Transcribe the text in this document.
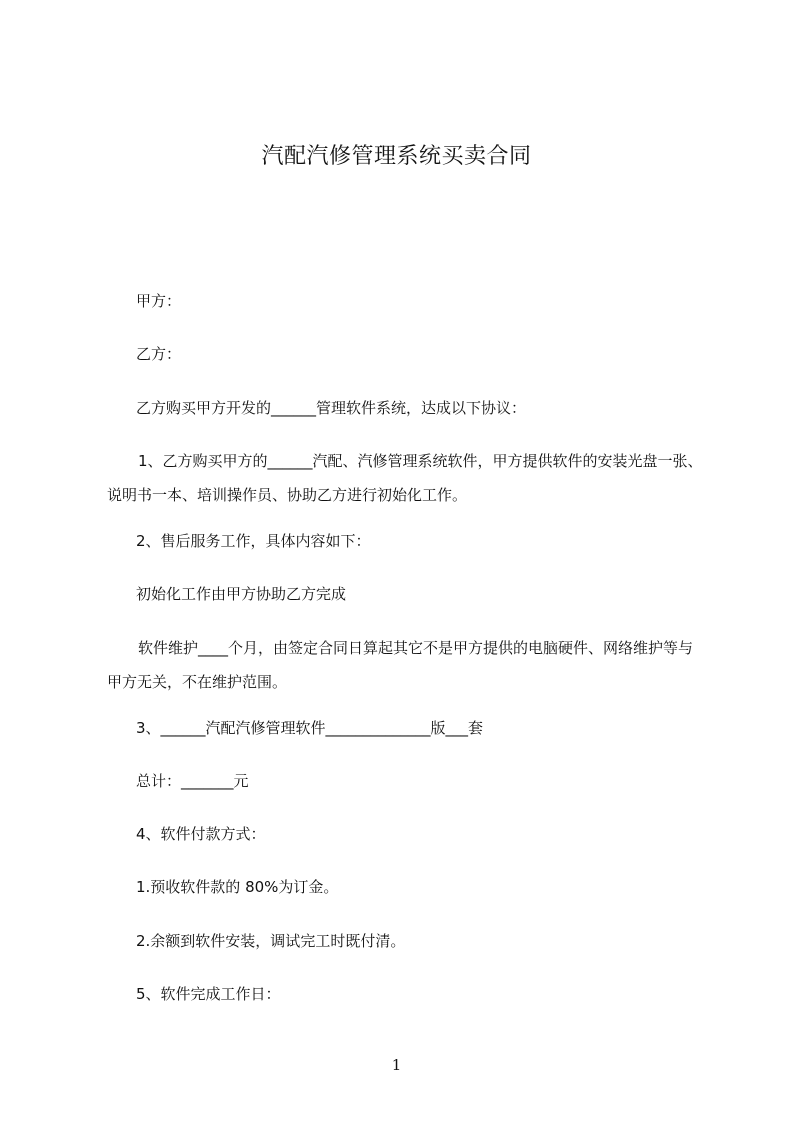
汽配汽修管理系统买卖合同
甲方：
乙方：
乙方购买甲方开发的______管理软件系统，达成以下协议：
1、乙方购买甲方的______汽配、汽修管理系统软件，甲方提供软件的安装光盘一张、说明书一本、培训操作员、协助乙方进行初始化工作。
2、售后服务工作，具体内容如下：
初始化工作由甲方协助乙方完成
软件维护____个月，由签定合同日算起其它不是甲方提供的电脑硬件、网络维护等与甲方无关，不在维护范围。
3、______汽配汽修管理软件______________版___套
总计：_______元
4、软件付款方式：
1.预收软件款的 80%为订金。
2.余额到软件安装，调试完工时既付清。
5、软件完成工作日：
1
